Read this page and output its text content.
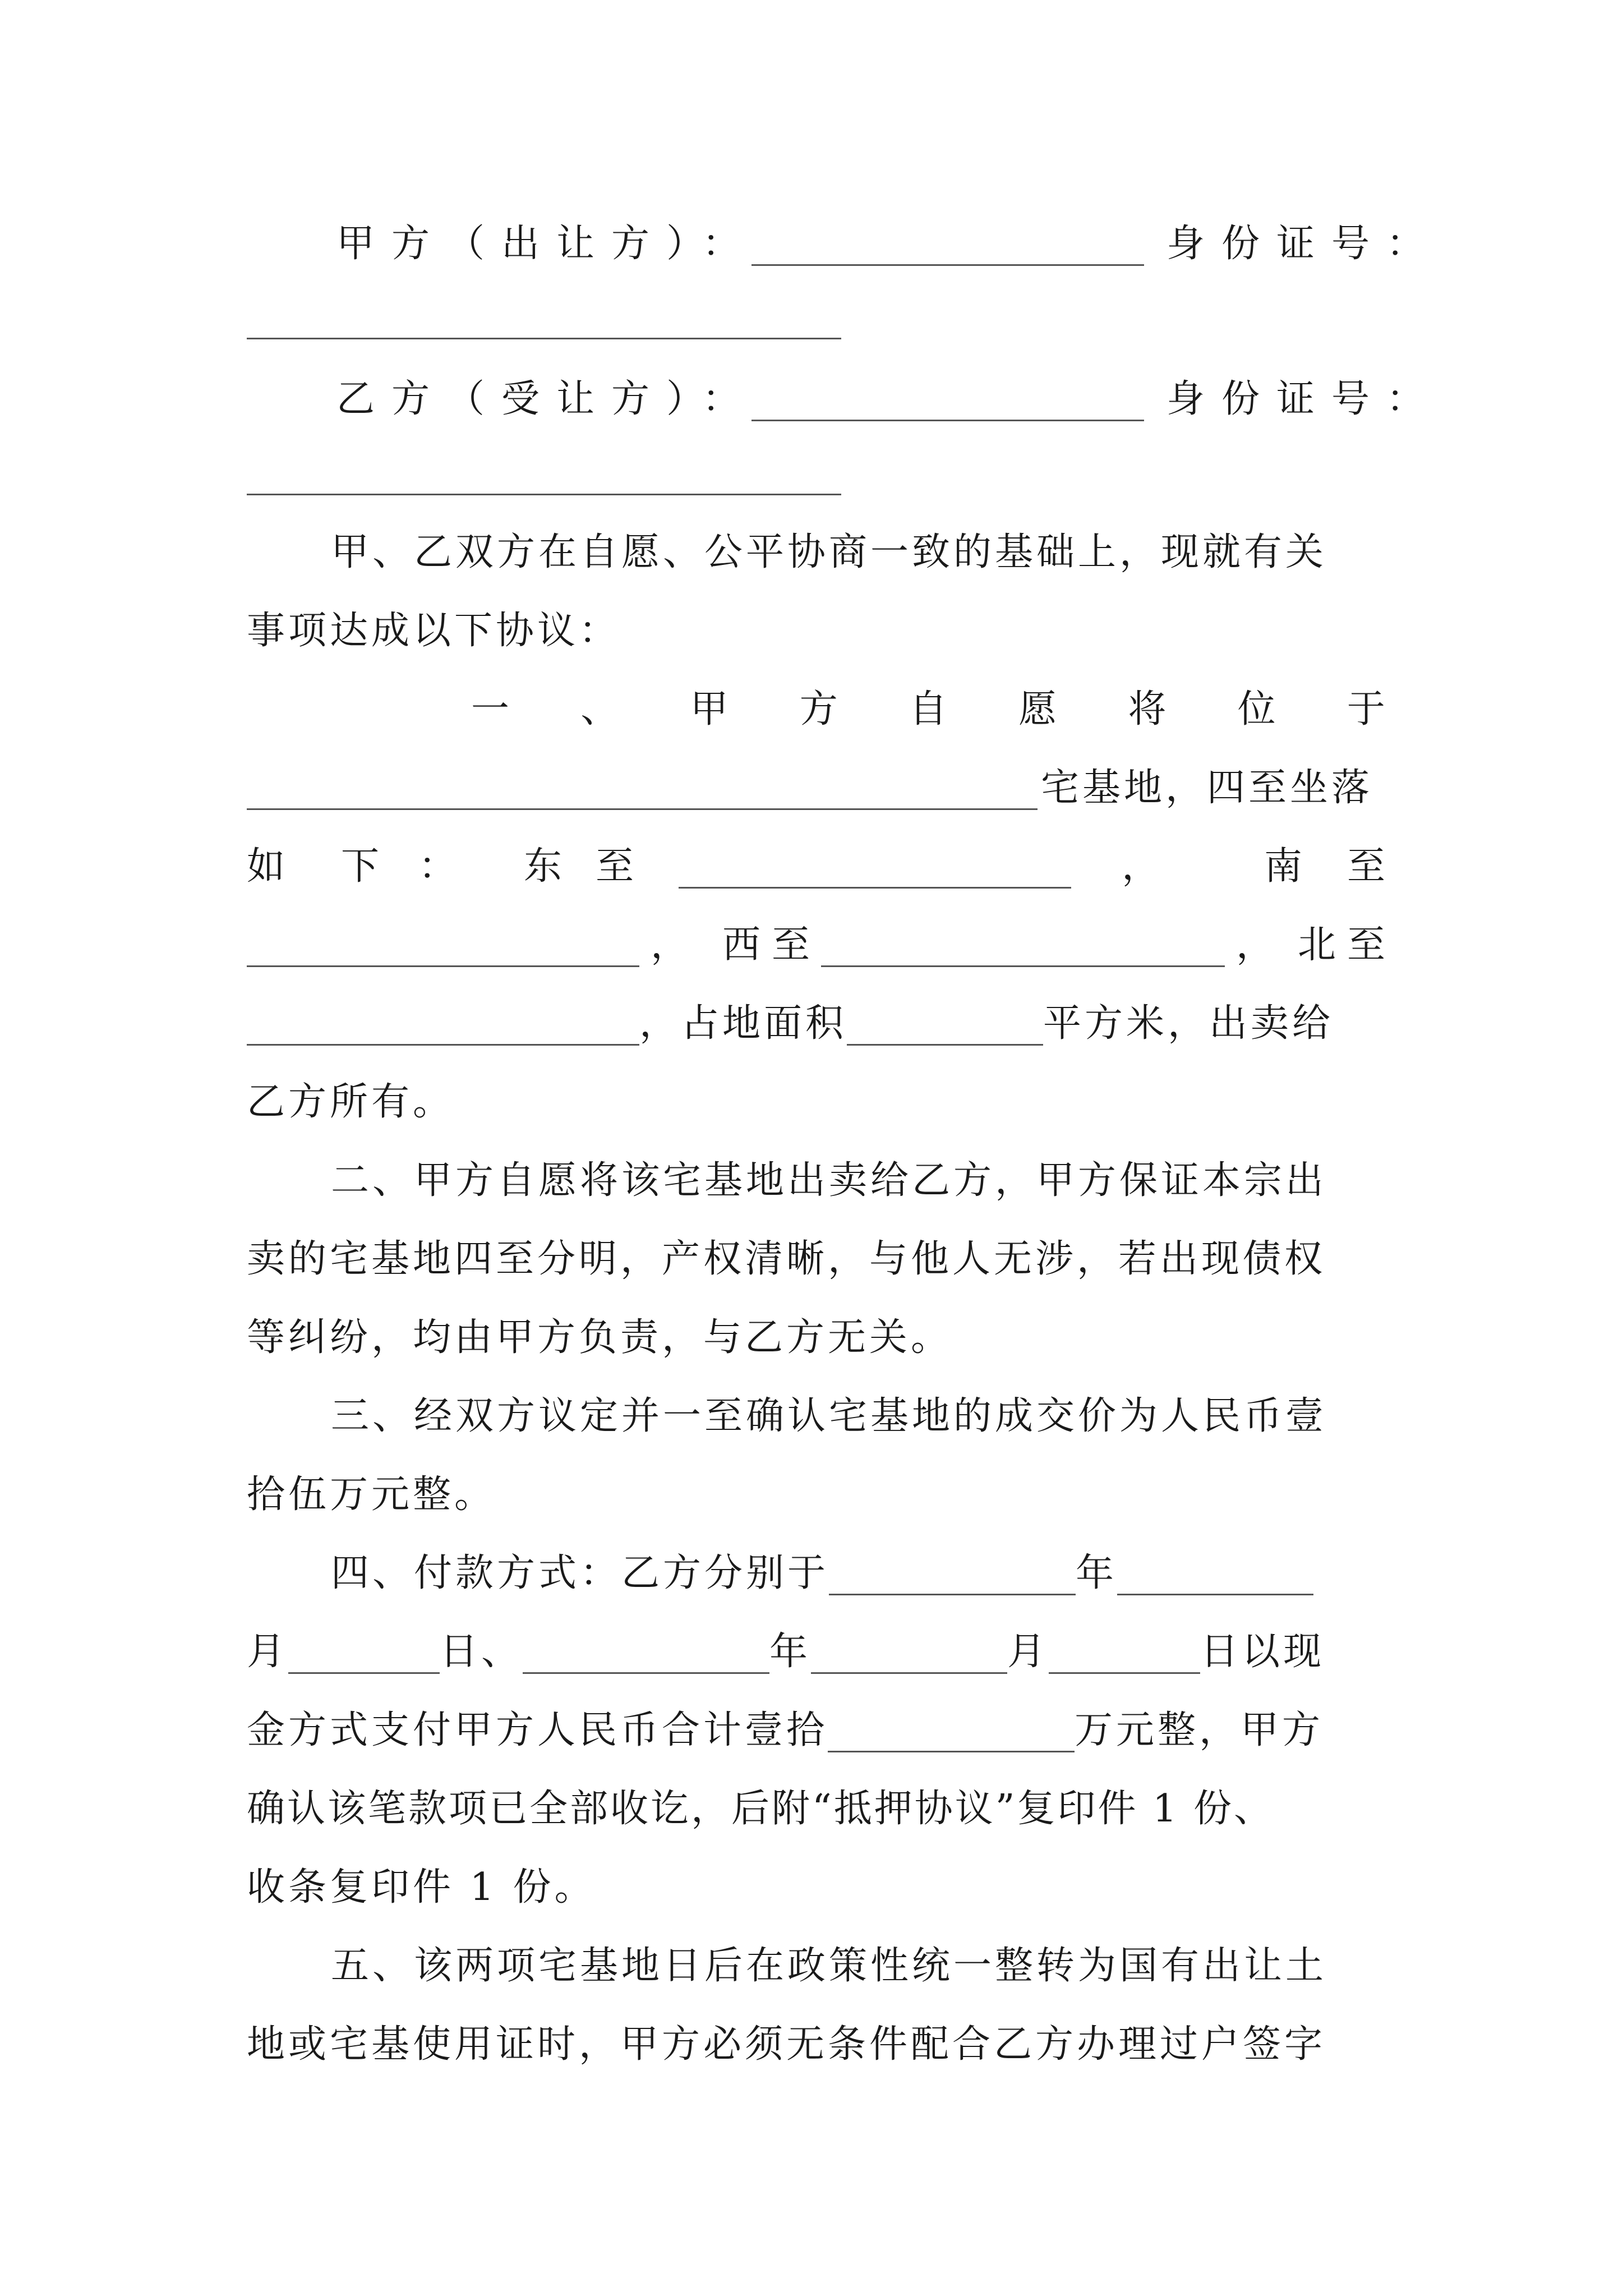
甲方（出让方）：	身份证号：
乙方（受让方）：	身份证号：
甲、乙双方在自愿、公平协商一致的基础上，现就有关
事项达成以下协议：
一 、 甲 方 自 愿 将 位 于
宅基地，四至坐落
如 下 ： 东至	，	南至
， 西至	， 北至
，占地面积	平方米，出卖给
乙方所有。
二、甲方自愿将该宅基地出卖给乙方，甲方保证本宗出
卖的宅基地四至分明，产权清晰，与他人无涉，若出现债权
等纠纷，均由甲方负责，与乙方无关。
三、经双方议定并一至确认宅基地的成交价为人民币壹
拾伍万元整。
四、付款方式：乙方分别于	年
月	日、	年	月	日以现
金方式支付甲方人民币合计壹拾	万元整，甲方
确认该笔款项已全部收讫，后附“抵押协议”复印件 1 份、
收条复印件 1 份。
五、该两项宅基地日后在政策性统一整转为国有出让土
地或宅基使用证时，甲方必须无条件配合乙方办理过户签字
